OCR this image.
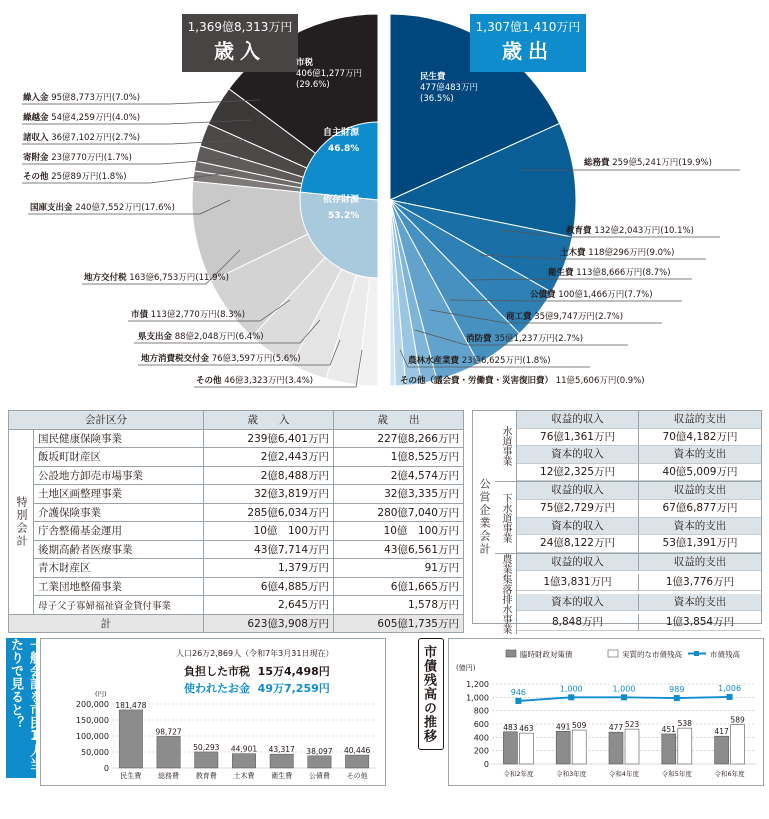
1,369億8,313万円
歳入
1,307億1,410万円
歳出
自主財源
46.8%
依存財源
53.2%
市税
406億1,277万円
(29.6%)
繰入金 95億8,773万円(7.0%)
繰越金 54億4,259万円(4.0%)
諸収入 36億7,102万円(2.7%)
寄附金 23億770万円(1.7%)
その他 25億89万円(1.8%)
国庫支出金 240億7,552万円(17.6%)
地方交付税 163億6,753万円(11.9%)
市債 113億2,770万円(8.3%)
県支出金 88億2,048万円(6.4%)
地方消費税交付金 76億3,597万円(5.6%)
その他 46億3,323万円(3.4%)
民生費
477億483万円
(36.5%)
総務費 259億5,241万円(19.9%)
教育費 132億2,043万円(10.1%)
土木費 118億296万円(9.0%)
衛生費 113億8,666万円(8.7%)
公債費 100億1,466万円(7.7%)
商工費 35億9,747万円(2.7%)
消防費 35億1,237万円(2.7%)
農林水産業費 23億6,625万円(1.8%)
その他（議会費・労働費・災害復旧費） 11億5,606万円(0.9%)
会計区分		歳　　入	歳　　出
特別会計	国民健康保険事業	239億6,401万円	227億8,266万円
	飯坂町財産区	2億2,443万円	1億8,525万円
	公設地方卸売市場事業	2億8,488万円	2億4,574万円
	土地区画整理事業	32億3,819万円	32億3,335万円
	介護保険事業	285億6,034万円	280億7,040万円
	庁舎整備基金運用	10億　100万円	10億　100万円
	後期高齢者医療事業	43億7,714万円	43億6,561万円
	青木財産区	1,379万円	91万円
	工業団地整備事業	6億4,885万円	6億1,665万円
	母子父子寡婦福祉資金貸付事業	2,645万円	1,578万円
計		623億3,908万円	605億1,735万円
公営企業会計
水道事業
収益的収入	収益的支出
76億1,361万円	70億4,182万円
資本的収入	資本的支出
12億2,325万円	40億5,009万円
下水道事業
収益的収入	収益的支出
75億2,729万円	67億6,877万円
資本的収入	資本的支出
24億8,122万円	53億1,391万円
農業集落排水事業	収益的収入	収益的支出
1億3,831万円	1億3,776万円
資本的収入	資本的支出
8,848万円	1億3,854万円
一般会計を市民1人当たりで見ると？	人口26万2,869人（令和7年3月31日現在）
負担した市税 15万4,498円
使われたお金 49万7,259円
(円)
0
50,000
100,000
150,000
200,000 181,478
民生費
98,727
総務費
50,293
教育費
44,901
土木費
43,317
衛生費
38,097
公債費
40,446
その他
市債残高の推移	臨時財政対策債	実質的な市債残高	市債残高
(億円)
0
200
400
600
800
1,000
1,200
483 463
令和2年度
491 509
令和3年度
477 523
令和4年度
451
538
令和5年度
417
589
令和6年度
946	1,000	1,000	989	1,006
